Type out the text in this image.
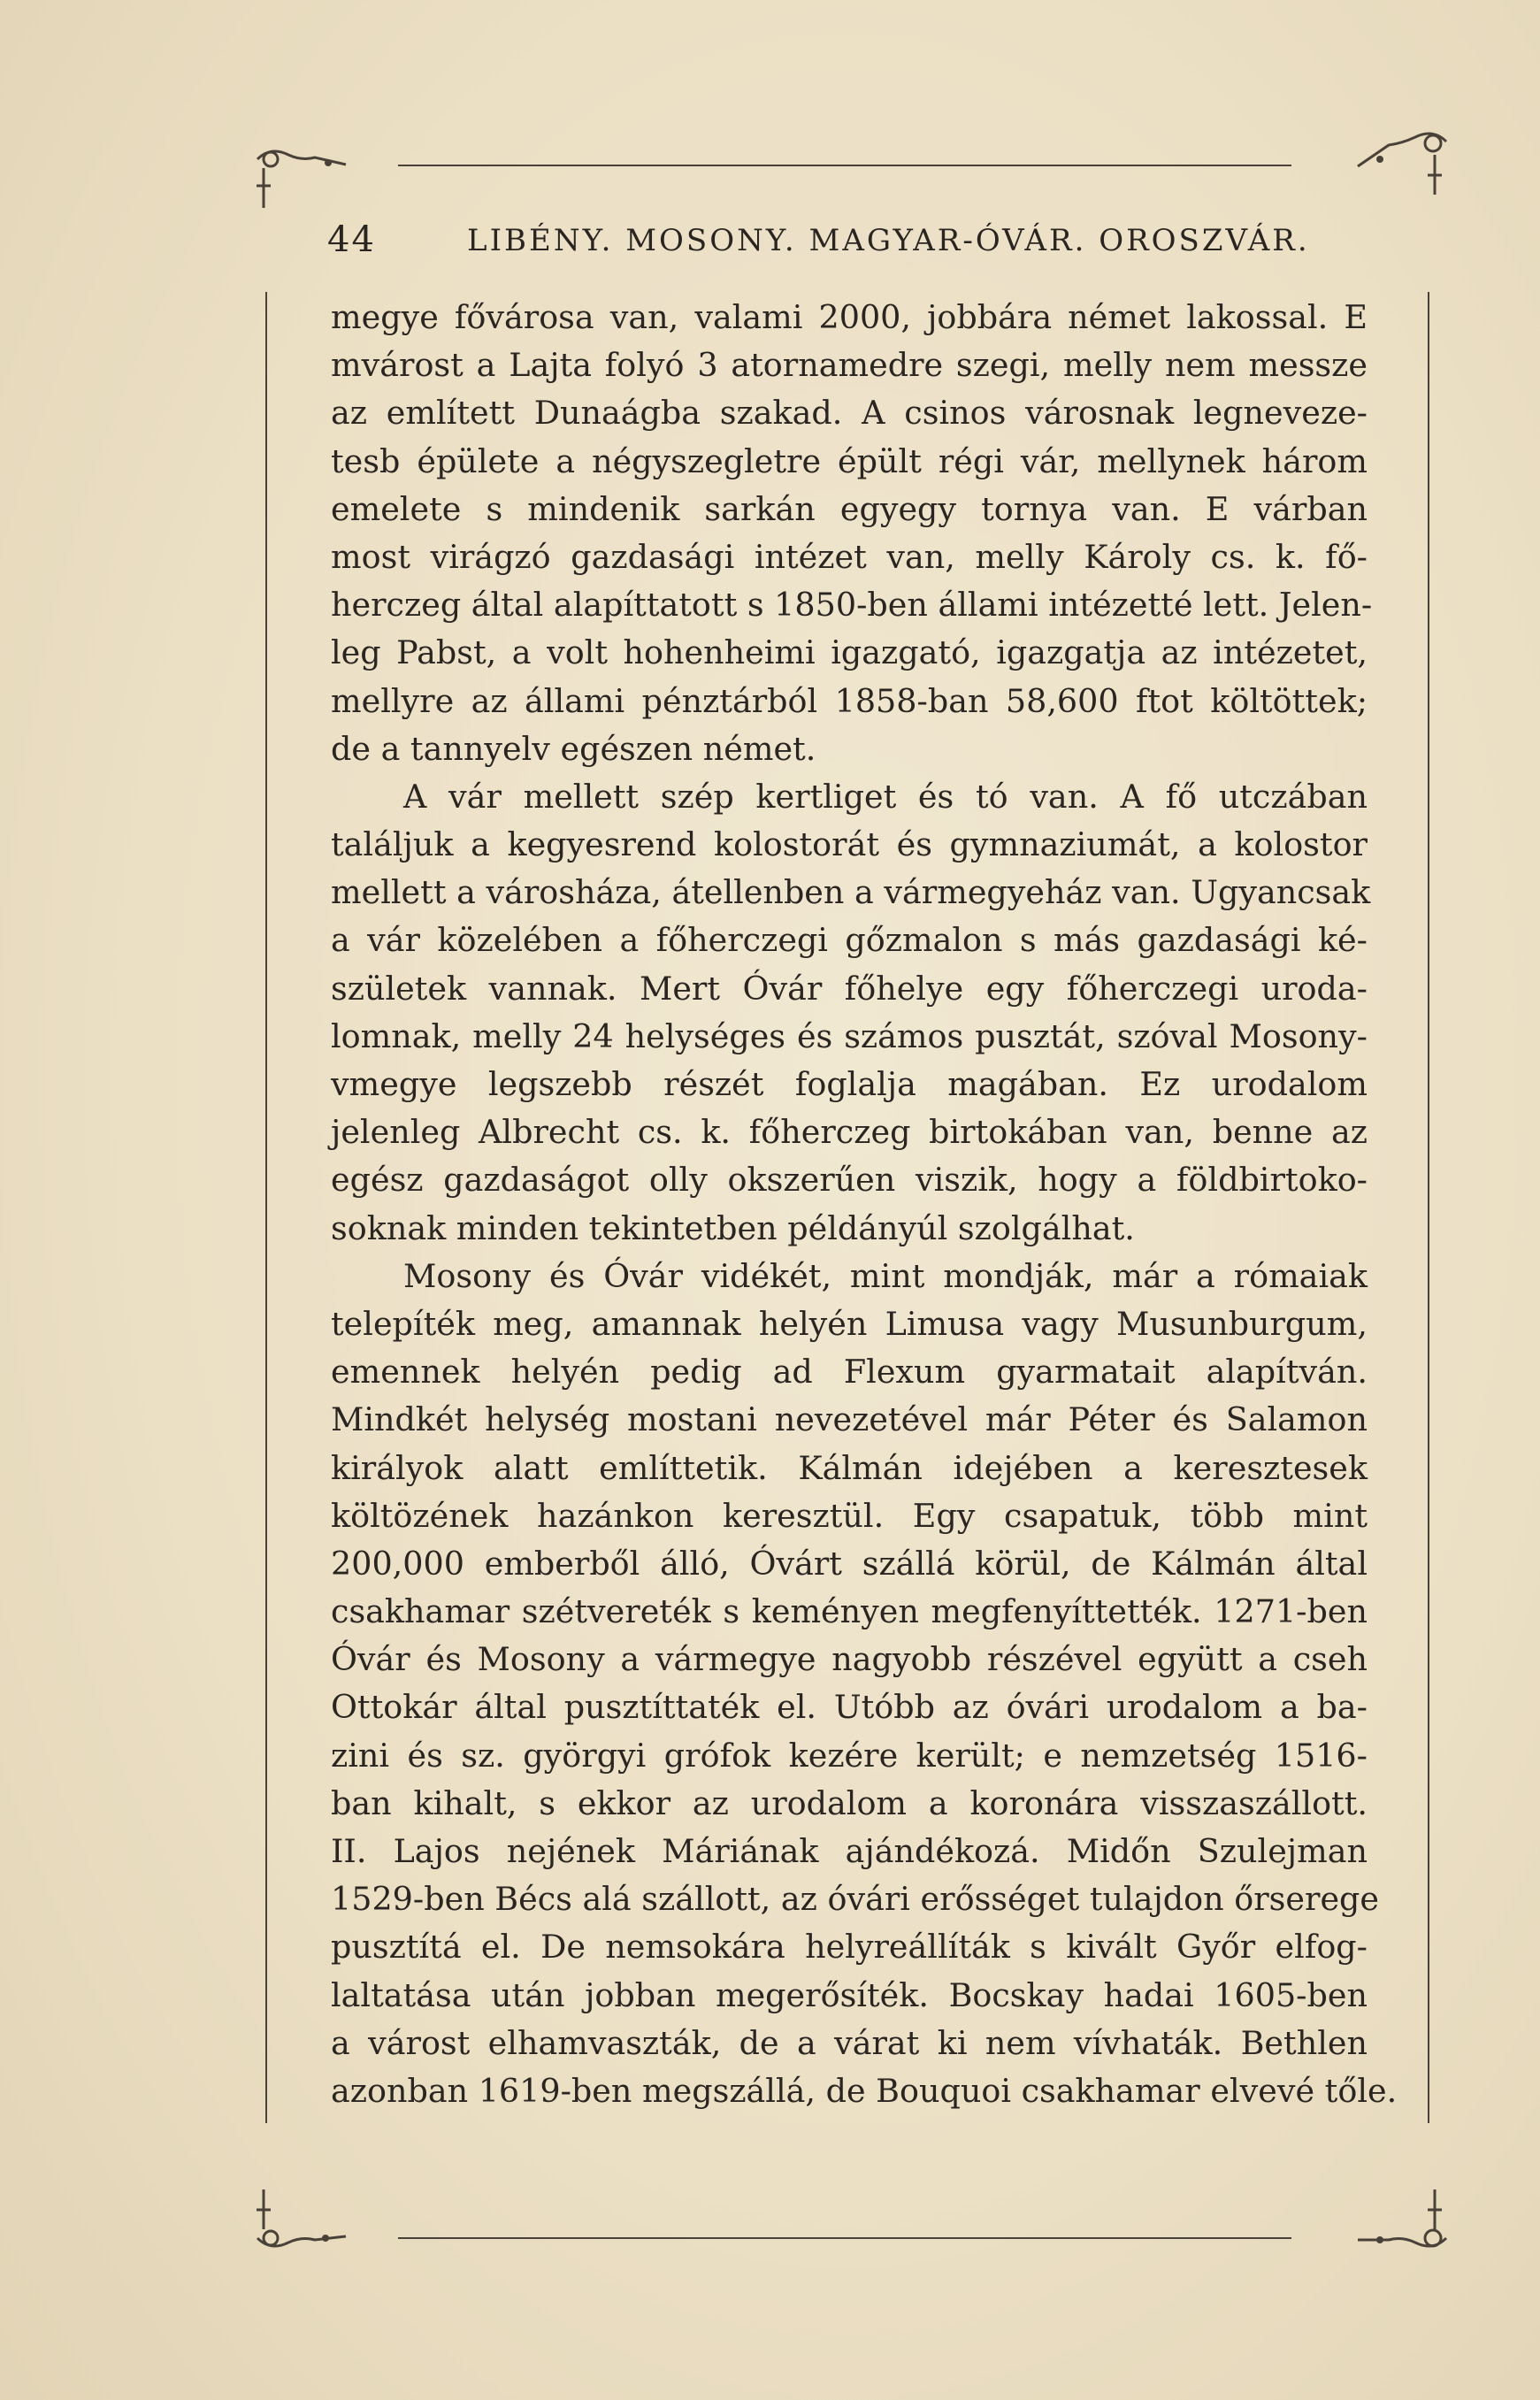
44	LIBÉNY. MOSONY. MAGYAR-ÓVÁR. OROSZVÁR.
megye fővárosa van, valami 2000, jobbára német lakossal. E
mvárost a Lajta folyó 3 atornamedre szegi, melly nem messze
az említett Dunaágba szakad. A csinos városnak legneveze-
tesb épülete a négyszegletre épült régi vár, mellynek három
emelete s mindenik sarkán egyegy tornya van. E várban
most virágzó gazdasági intézet van, melly Károly cs. k. fő-
herczeg által alapíttatott s 1850-ben állami intézetté lett. Jelen-
leg Pabst, a volt hohenheimi igazgató, igazgatja az intézetet,
mellyre az állami pénztárból 1858-ban 58,600 ftot költöttek;
de a tannyelv egészen német.
A vár mellett szép kertliget és tó van. A fő utczában
találjuk a kegyesrend kolostorát és gymnaziumát, a kolostor
mellett a városháza, átellenben a vármegyeház van. Ugyancsak
a vár közelében a főherczegi gőzmalon s más gazdasági ké-
születek vannak. Mert Óvár főhelye egy főherczegi uroda-
lomnak, melly 24 helységes és számos pusztát, szóval Mosony-
vmegye legszebb részét foglalja magában. Ez urodalom
jelenleg Albrecht cs. k. főherczeg birtokában van, benne az
egész gazdaságot olly okszerűen viszik, hogy a földbirtoko-
soknak minden tekintetben példányúl szolgálhat.
Mosony és Óvár vidékét, mint mondják, már a rómaiak
telepíték meg, amannak helyén Limusa vagy Musunburgum,
emennek helyén pedig ad Flexum gyarmatait alapítván.
Mindkét helység mostani nevezetével már Péter és Salamon
királyok alatt említtetik. Kálmán idejében a keresztesek
költözének hazánkon keresztül. Egy csapatuk, több mint
200,000 emberből álló, Óvárt szállá körül, de Kálmán által
csakhamar szétvereték s keményen megfenyíttették. 1271-ben
Óvár és Mosony a vármegye nagyobb részével együtt a cseh
Ottokár által pusztíttaték el. Utóbb az óvári urodalom a ba-
zini és sz. györgyi grófok kezére került; e nemzetség 1516-
ban kihalt, s ekkor az urodalom a koronára visszaszállott.
II. Lajos nejének Máriának ajándékozá. Midőn Szulejman
1529-ben Bécs alá szállott, az óvári erősséget tulajdon őrserege
pusztítá el. De nemsokára helyreállíták s kivált Győr elfog-
laltatása után jobban megerősíték. Bocskay hadai 1605-ben
a várost elhamvaszták, de a várat ki nem vívhaták. Bethlen
azonban 1619-ben megszállá, de Bouquoi csakhamar elvevé tőle.
